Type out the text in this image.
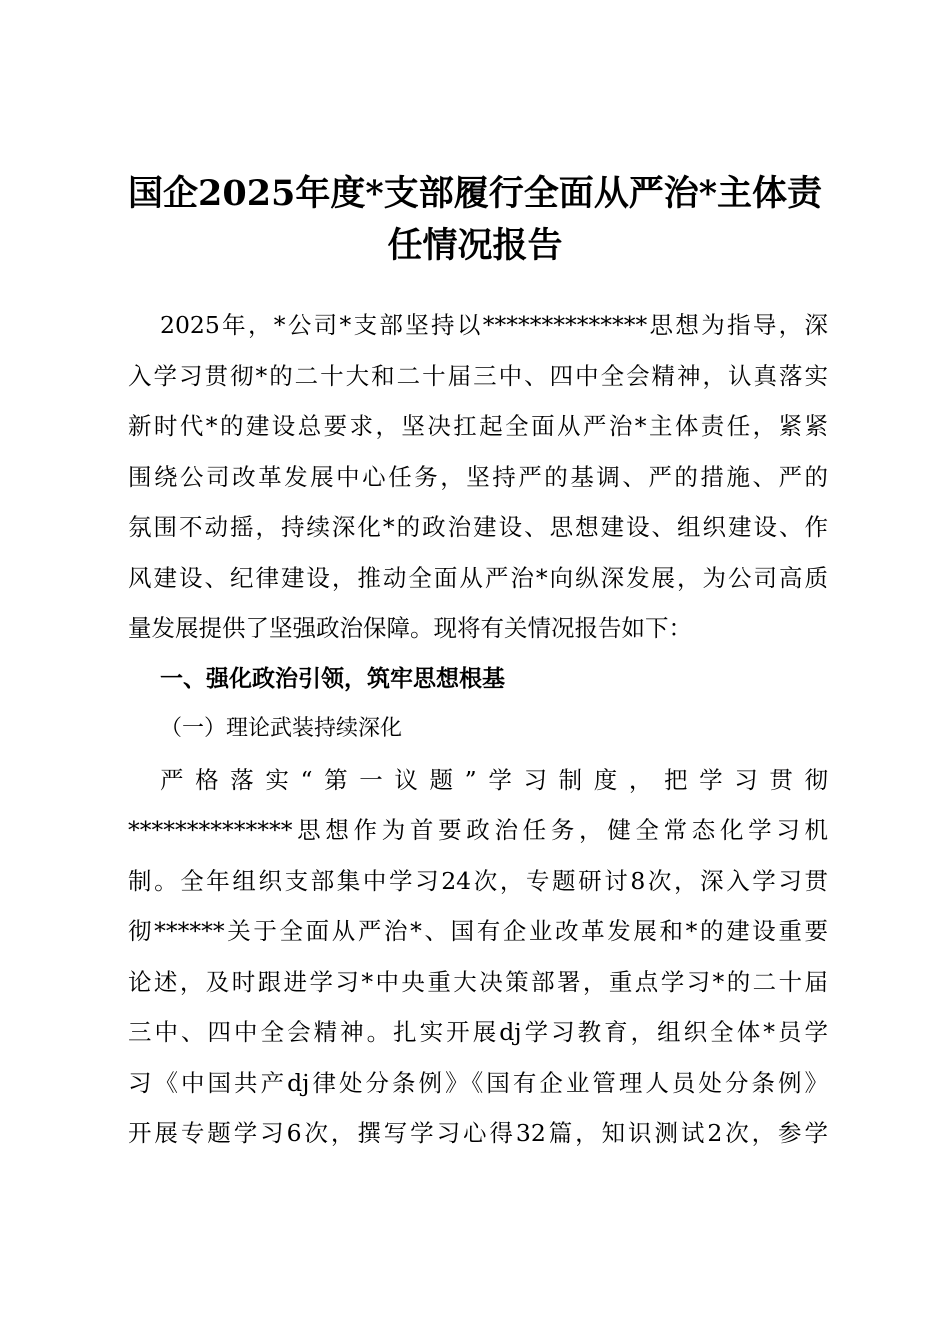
国企2025年度*支部履行全面从严治*主体责
任情况报告
2025年，*公司*支部坚持以**************思想为指导，深
入学习贯彻*的二十大和二十届三中、四中全会精神，认真落实
新时代*的建设总要求，坚决扛起全面从严治*主体责任，紧紧
围绕公司改革发展中心任务，坚持严的基调、严的措施、严的
氛围不动摇，持续深化*的政治建设、思想建设、组织建设、作
风建设、纪律建设，推动全面从严治*向纵深发展，为公司高质
量发展提供了坚强政治保障。现将有关情况报告如下：
一、强化政治引领，筑牢思想根基
（一）理论武装持续深化
严格落实“第一议题”学习制度，把学习贯彻
**************思想作为首要政治任务，健全常态化学习机
制。全年组织支部集中学习24次，专题研讨8次，深入学习贯
彻******关于全面从严治*、国有企业改革发展和*的建设重要
论述，及时跟进学习*中央重大决策部署，重点学习*的二十届
三中、四中全会精神。扎实开展dj学习教育，组织全体*员学
习《中国共产dj律处分条例》《国有企业管理人员处分条例》
开展专题学习6次，撰写学习心得32篇，知识测试2次，参学
